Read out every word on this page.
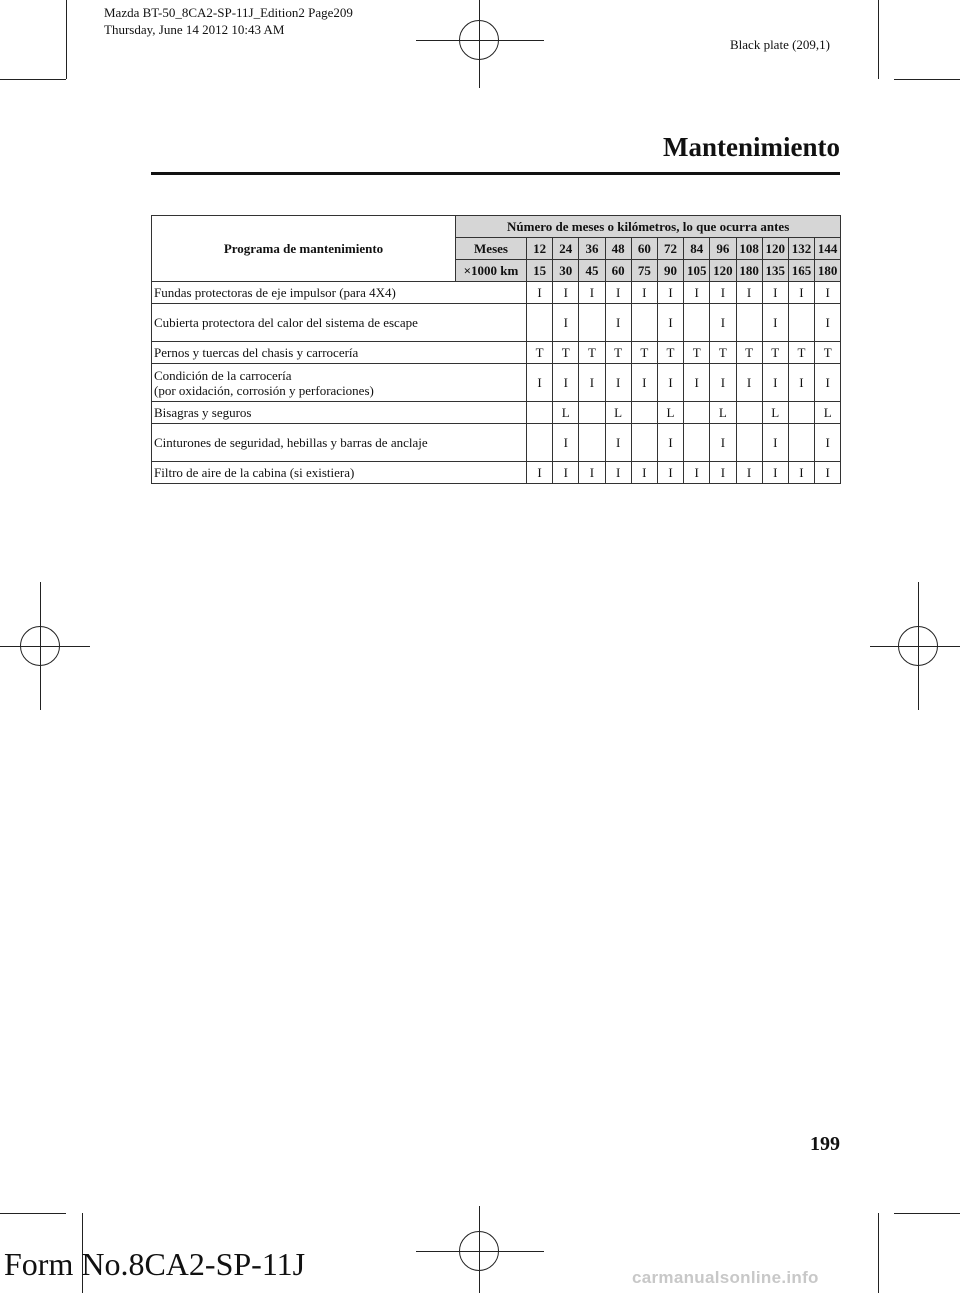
Mazda BT-50_8CA2-SP-11J_Edition2 Page209
Thursday, June 14 2012 10:43 AM
Black plate (209,1)
Mantenimiento
Programa de mantenimiento	Número de meses o kilómetros, lo que ocurra antes												
	Meses	12	24	36	48	60	72	84	96	108	120	132	144
	×1000 km	15	30	45	60	75	90	105	120	180	135	165	180
Fundas protectoras de eje impulsor (para 4X4)		I	I	I	I	I	I	I	I	I	I	I	I
Cubierta protectora del calor del sistema de escape			I		I		I		I		I		I
Pernos y tuercas del chasis y carrocería		T	T	T	T	T	T	T	T	T	T	T	T
Condición de la carrocería
(por oxidación, corrosión y perforaciones)		I	I	I	I	I	I	I	I	I	I	I	I
Bisagras y seguros			L		L		L		L		L		L
Cinturones de seguridad, hebillas y barras de anclaje			I		I		I		I		I		I
Filtro de aire de la cabina (si existiera)		I	I	I	I	I	I	I	I	I	I	I	I
199
Form No.8CA2-SP-11J	carmanualsonline.info
